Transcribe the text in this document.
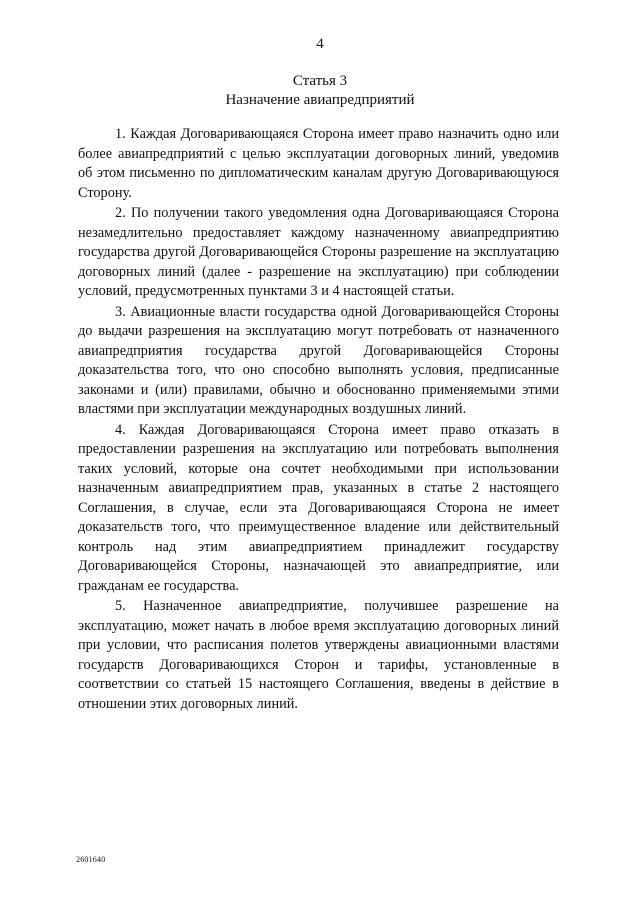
4
Статья 3
Назначение авиапредприятий

1. Каждая Договаривающаяся Сторона имеет право назначить одно или более авиапредприятий с целью эксплуатации договорных линий, уведомив об этом письменно по дипломатическим каналам другую Договаривающуюся Сторону.

2. По получении такого уведомления одна Договаривающаяся Сторона незамедлительно предоставляет каждому назначенному авиапредприятию государства другой Договаривающейся Стороны разрешение на эксплуатацию договорных линий (далее - разрешение на эксплуатацию) при соблюдении условий, предусмотренных пунктами 3 и 4 настоящей статьи.

3. Авиационные власти государства одной Договаривающейся Стороны до выдачи разрешения на эксплуатацию могут потребовать от назначенного авиапредприятия государства другой Договаривающейся Стороны доказательства того, что оно способно выполнять условия, предписанные законами и (или) правилами, обычно и обоснованно применяемыми этими властями при эксплуатации международных воздушных линий.

4. Каждая Договаривающаяся Сторона имеет право отказать в предоставлении разрешения на эксплуатацию или потребовать выполнения таких условий, которые она сочтет необходимыми при использовании назначенным авиапредприятием прав, указанных в статье 2 настоящего Соглашения, в случае, если эта Договаривающаяся Сторона не имеет доказательств того, что преимущественное владение или действительный контроль над этим авиапредприятием принадлежит государству Договаривающейся Стороны, назначающей это авиапредприятие, или гражданам ее государства.

5. Назначенное авиапредприятие, получившее разрешение на эксплуатацию, может начать в любое время эксплуатацию договорных линий при условии, что расписания полетов утверждены авиационными властями государств Договаривающихся Сторон и тарифы, установленные в соответствии со статьей 15 настоящего Соглашения, введены в действие в отношении этих договорных линий.

2601640
